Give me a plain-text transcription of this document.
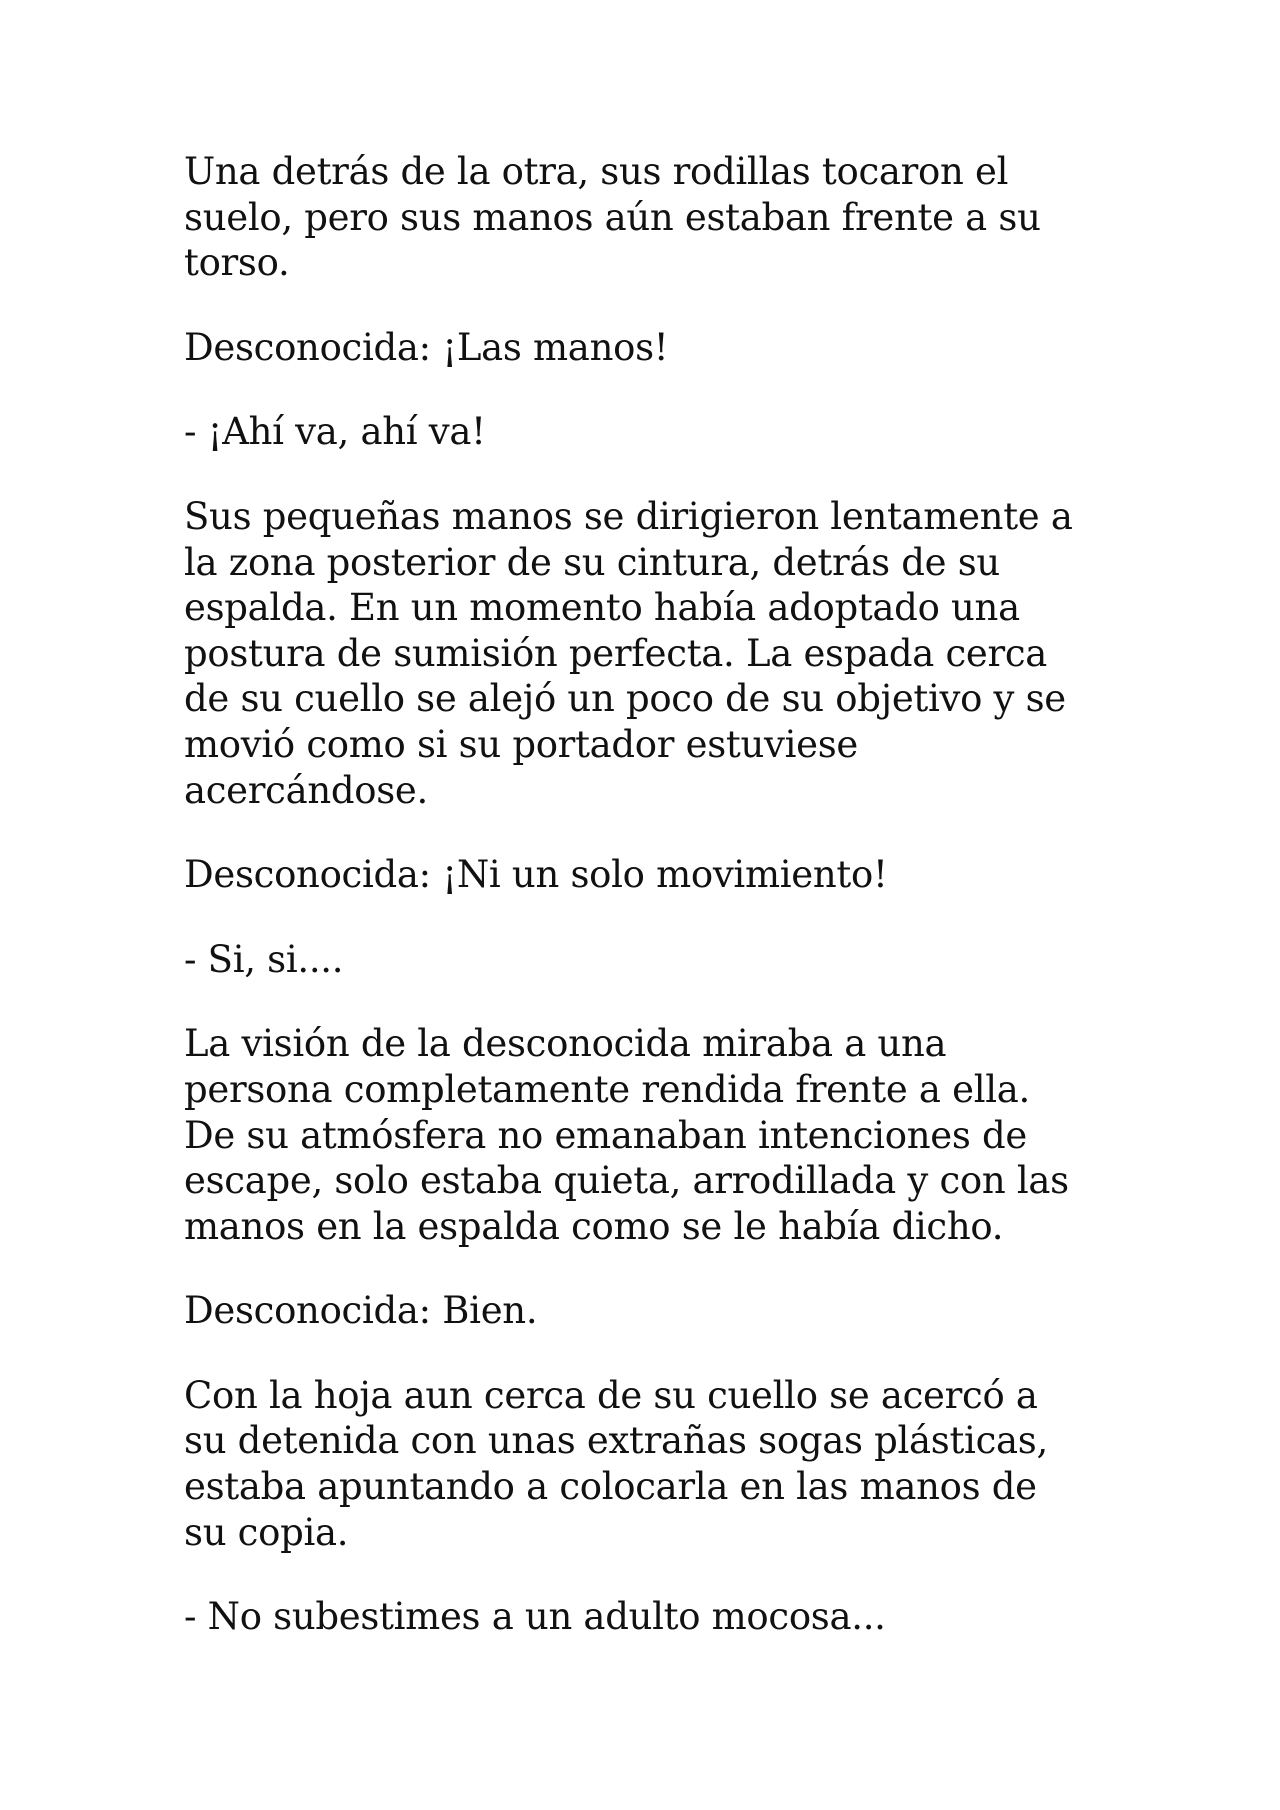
Una detrás de la otra, sus rodillas tocaron el
suelo, pero sus manos aún estaban frente a su
torso.

Desconocida: ¡Las manos!

- ¡Ahí va, ahí va!

Sus pequeñas manos se dirigieron lentamente a
la zona posterior de su cintura, detrás de su
espalda. En un momento había adoptado una
postura de sumisión perfecta. La espada cerca
de su cuello se alejó un poco de su objetivo y se
movió como si su portador estuviese
acercándose.

Desconocida: ¡Ni un solo movimiento!

- Si, si....

La visión de la desconocida miraba a una
persona completamente rendida frente a ella.
De su atmósfera no emanaban intenciones de
escape, solo estaba quieta, arrodillada y con las
manos en la espalda como se le había dicho.

Desconocida: Bien.

Con la hoja aun cerca de su cuello se acercó a
su detenida con unas extrañas sogas plásticas,
estaba apuntando a colocarla en las manos de
su copia.

- No subestimes a un adulto mocosa...
